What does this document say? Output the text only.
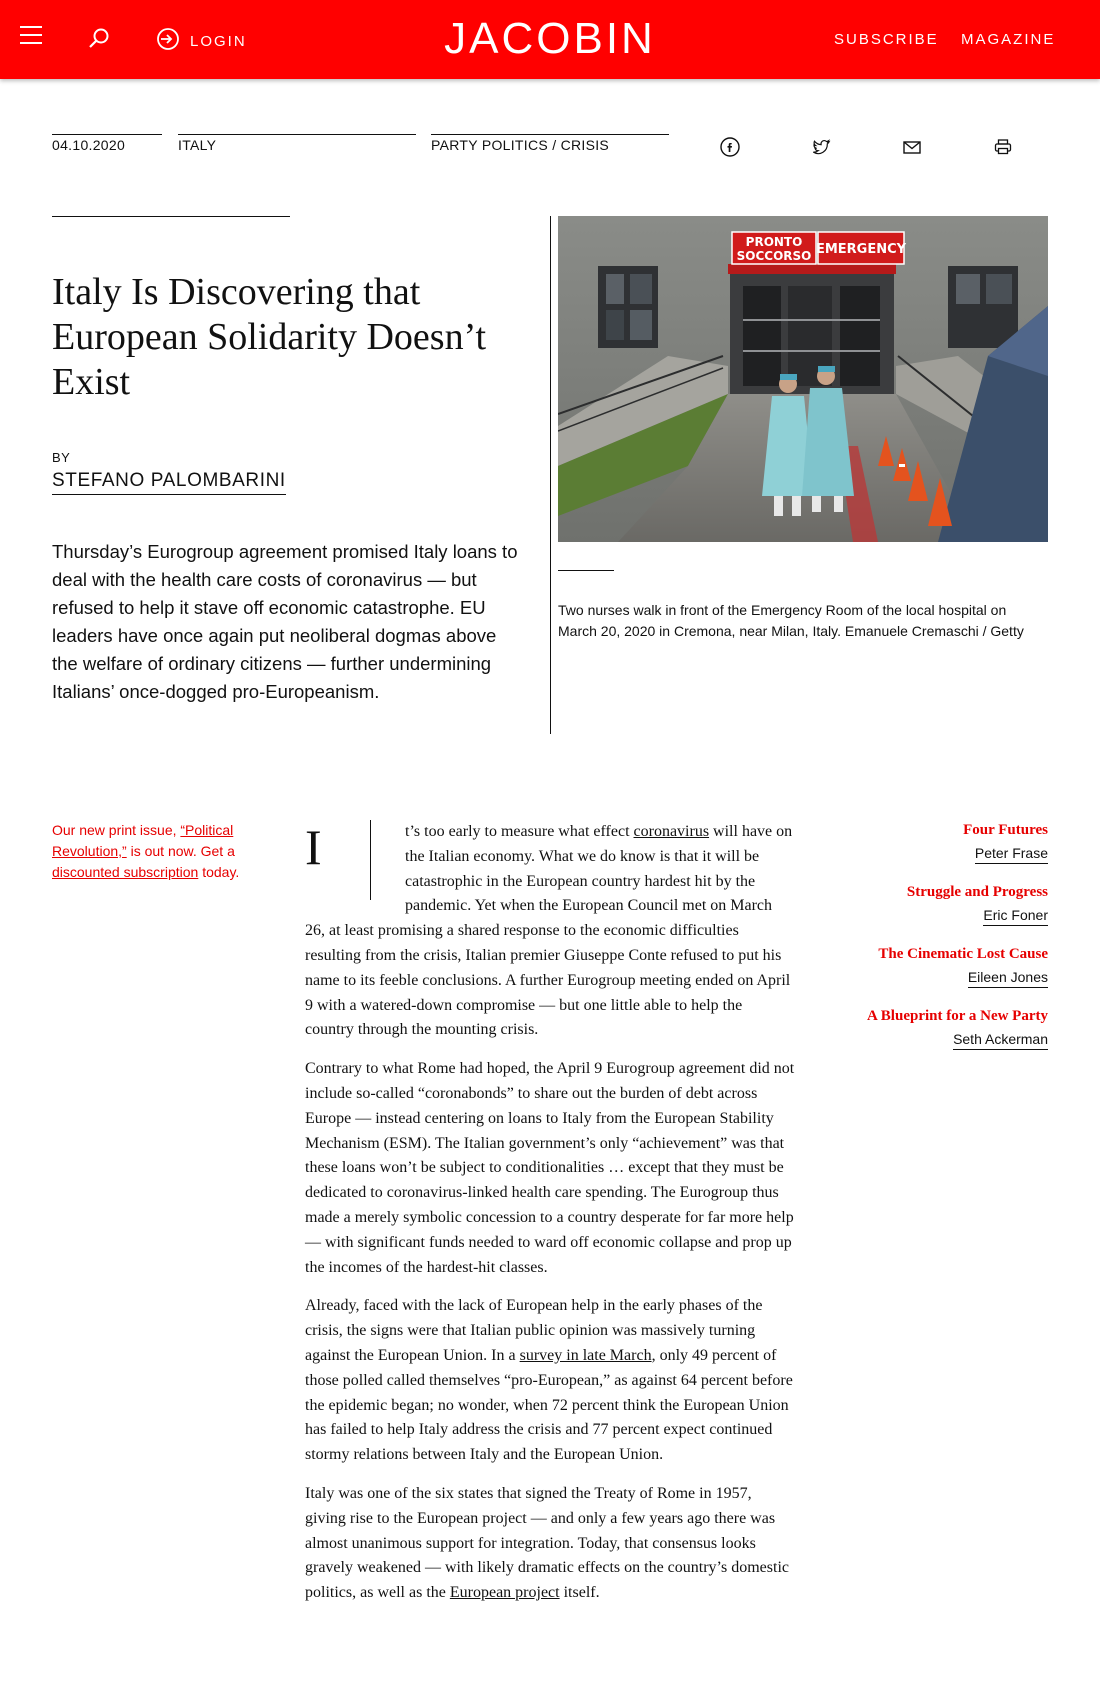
LOGIN	JACOBIN	SUBSCRIBE MAGAZINE
04.10.2020	ITALY	PARTY POLITICS / CRISIS
Italy Is Discovering that European Solidarity Doesn’t Exist
BY
STEFANO PALOMBARINI
Thursday’s Eurogroup agreement promised Italy loans to deal with the health care costs of coronavirus — but refused to help it stave off economic catastrophe. EU leaders have once again put neoliberal dogmas above the welfare of ordinary citizens — further undermining Italians’ once-dogged pro-Europeanism.
PRONTO
SOCCORSO EMERGENCY
Two nurses walk in front of the Emergency Room of the local hospital on March 20, 2020 in Cremona, near Milan, Italy. Emanuele Cremaschi / Getty
Our new print issue, “Political Revolution,” is out now. Get a discounted subscription today. I	t’s too early to measure what effect coronavirus will have on the Italian economy. What we do know is that it will be catastrophic in the European country hardest hit by the pandemic. Yet when the European Council met on March 26, at least promising a shared response to the economic difficulties resulting from the crisis, Italian premier Giuseppe Conte refused to put his name to its feeble conclusions. A further Eurogroup meeting ended on April 9 with a watered-down compromise — but one little able to help the country through the mounting crisis.

Contrary to what Rome had hoped, the April 9 Eurogroup agreement did not include so-called “coronabonds” to share out the burden of debt across Europe — instead centering on loans to Italy from the European Stability Mechanism (ESM). The Italian government’s only “achievement” was that these loans won’t be subject to conditionalities … except that they must be dedicated to coronavirus-linked health care spending. The Eurogroup thus made a merely symbolic concession to a country desperate for far more help — with significant funds needed to ward off economic collapse and prop up the incomes of the hardest-hit classes.

Already, faced with the lack of European help in the early phases of the crisis, the signs were that Italian public opinion was massively turning against the European Union. In a survey in late March, only 49 percent of those polled called themselves “pro-European,” as against 64 percent before the epidemic began; no wonder, when 72 percent think the European Union has failed to help Italy address the crisis and 77 percent expect continued stormy relations between Italy and the European Union.

Italy was one of the six states that signed the Treaty of Rome in 1957, giving rise to the European project — and only a few years ago there was almost unanimous support for integration. Today, that consensus looks gravely weakened — with likely dramatic effects on the country’s domestic politics, as well as the European project itself.

Four Futures
Peter Frase
Struggle and Progress
Eric Foner
The Cinematic Lost Cause
Eileen Jones
A Blueprint for a New Party
Seth Ackerman
